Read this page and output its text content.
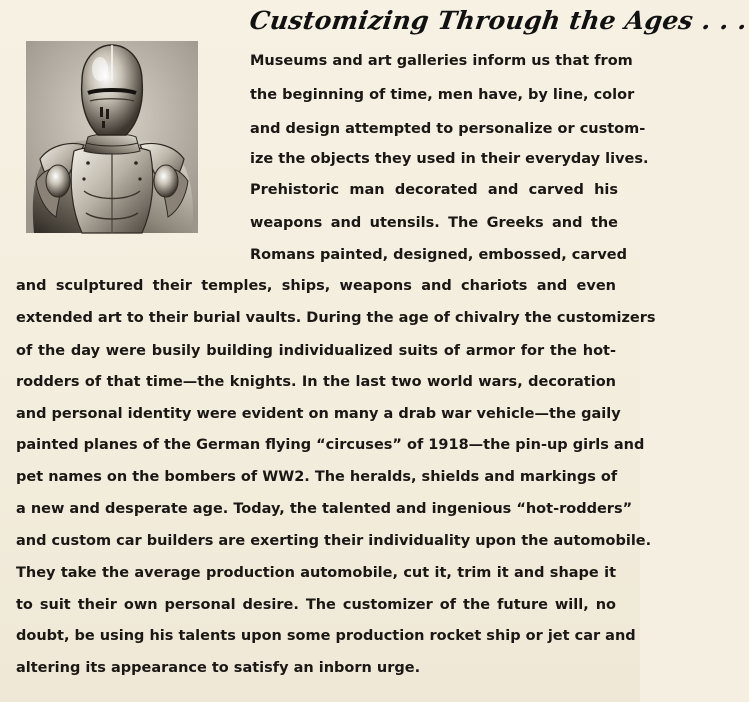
Customizing Through the Ages . . .
Museums and art galleries inform us that from
the beginning of time, men have, by line, color
and design attempted to personalize or custom-
ize the objects they used in their everyday lives.
Prehistoric man decorated and carved his
weapons and utensils. The Greeks and the
Romans painted, designed, embossed, carved
and sculptured their temples, ships, weapons and chariots and even
extended art to their burial vaults. During the age of chivalry the customizers
of the day were busily building individualized suits of armor for the hot-
rodders of that time—the knights. In the last two world wars, decoration
and personal identity were evident on many a drab war vehicle—the gaily
painted planes of the German flying “circuses” of 1918—the pin-up girls and
pet names on the bombers of WW2. The heralds, shields and markings of
a new and desperate age. Today, the talented and ingenious “hot-rodders”
and custom car builders are exerting their individuality upon the automobile.
They take the average production automobile, cut it, trim it and shape it
to suit their own personal desire. The customizer of the future will, no
doubt, be using his talents upon some production rocket ship or jet car and
altering its appearance to satisfy an inborn urge.
